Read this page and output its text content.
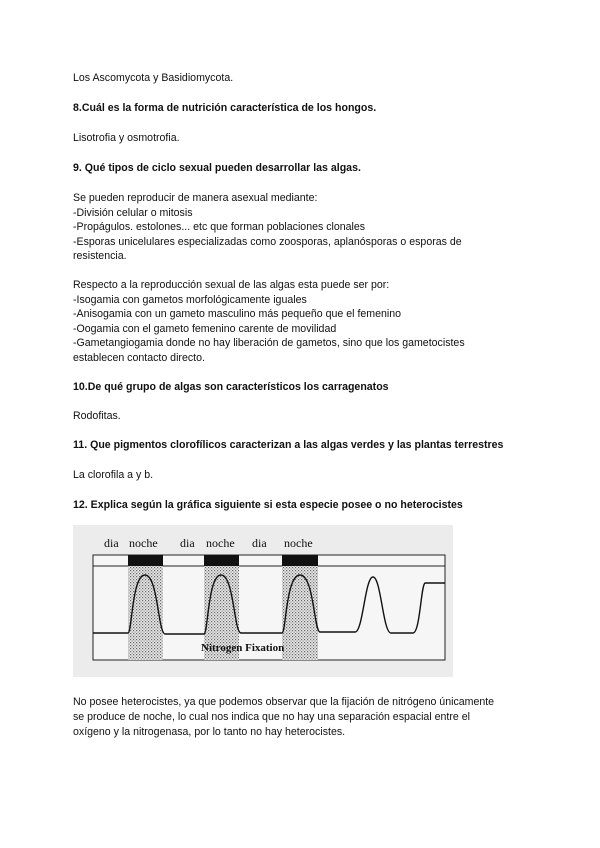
Los Ascomycota y Basidiomycota.
8.Cuál es la forma de nutrición característica de los hongos.
Lisotrofia y osmotrofia.
9. Qué tipos de ciclo sexual pueden desarrollar las algas.
Se pueden reproducir de manera asexual mediante:
-División celular o mitosis
-Propágulos. estolones... etc que forman poblaciones clonales
-Esporas unicelulares especializadas como zoosporas, aplanósporas o esporas de
resistencia.
Respecto a la reproducción sexual de las algas esta puede ser por:
-Isogamia con gametos morfológicamente iguales
-Anisogamia con un gameto masculino más pequeño que el femenino
-Oogamia con el gameto femenino carente de movilidad
-Gametangiogamia donde no hay liberación de gametos, sino que los gametocistes
establecen contacto directo.
10.De qué grupo de algas son característicos los carragenatos
Rodofitas.
11. Que pigmentos clorofílicos caracterizan a las algas verdes y las plantas terrestres
La clorofila a y b.
12. Explica según la gráfica siguiente si esta especie posee o no heterocistes
dia noche dia noche dia noche
Nitrogen Fixation
No posee heterocistes, ya que podemos observar que la fijación de nitrógeno únicamente
se produce de noche, lo cual nos indica que no hay una separación espacial entre el
oxígeno y la nitrogenasa, por lo tanto no hay heterocistes.
